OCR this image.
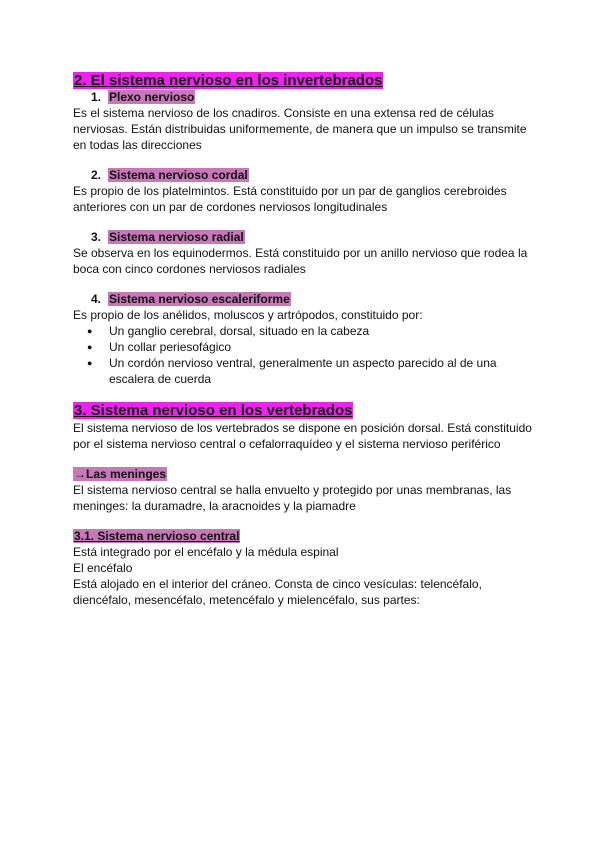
2. El sistema nervioso en los invertebrados

1. Plexo nervioso

Es el sistema nervioso de los cnadiros. Consiste en una extensa red de células nerviosas. Están distribuidas uniformemente, de manera que un impulso se transmite en todas las direcciones

2. Sistema nervioso cordal

Es propio de los platelmintos. Está constituido por un par de ganglios cerebroides anteriores con un par de cordones nerviosos longitudinales

3. Sistema nervioso radial

Se observa en los equinodermos. Está constituido por un anillo nervioso que rodea la boca con cinco cordones nerviosos radiales

4. Sistema nervioso escaleriforme

Es propio de los anélidos, moluscos y artrópodos, constituido por:

● Un ganglio cerebral, dorsal, situado en la cabeza
● Un collar periesofágico
● Un cordón nervioso ventral, generalmente un aspecto parecido al de una escalera de cuerda

3. Sistema nervioso en los vertebrados

El sistema nervioso de los vertebrados se dispone en posición dorsal. Está constituido por el sistema nervioso central o cefalorraquídeo y el sistema nervioso periférico

→Las meninges

El sistema nervioso central se halla envuelto y protegido por unas membranas, las meninges: la duramadre, la aracnoides y la piamadre

3.1. Sistema nervioso central

Está integrado por el encéfalo y la médula espinal

El encéfalo

Está alojado en el interior del cráneo. Consta de cinco vesículas: telencéfalo, diencéfalo, mesencéfalo, metencéfalo y mielencéfalo, sus partes:
